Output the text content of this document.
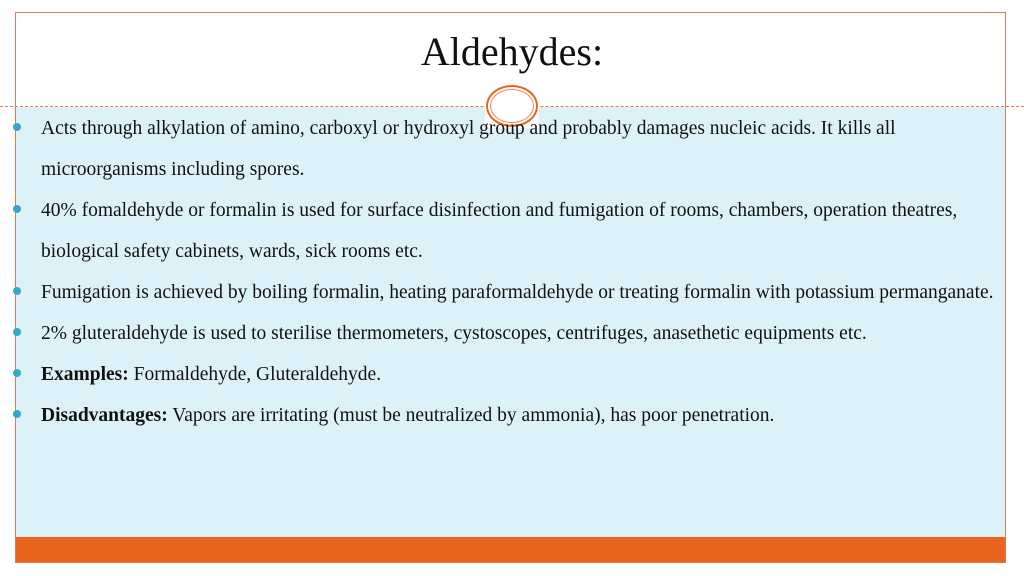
Aldehydes:
Acts through alkylation of amino, carboxyl or hydroxyl group and probably damages nucleic acids. It kills all microorganisms including spores.
40% fomaldehyde or formalin is used for surface disinfection and fumigation of rooms, chambers, operation theatres, biological safety cabinets, wards, sick rooms etc.
Fumigation is achieved by boiling formalin, heating paraformaldehyde or treating formalin with potassium permanganate.
2% gluteraldehyde is used to sterilise thermometers, cystoscopes, centrifuges, anasethetic equipments etc.
Examples: Formaldehyde, Gluteraldehyde.
Disadvantages: Vapors are irritating (must be neutralized by ammonia), has poor penetration.
